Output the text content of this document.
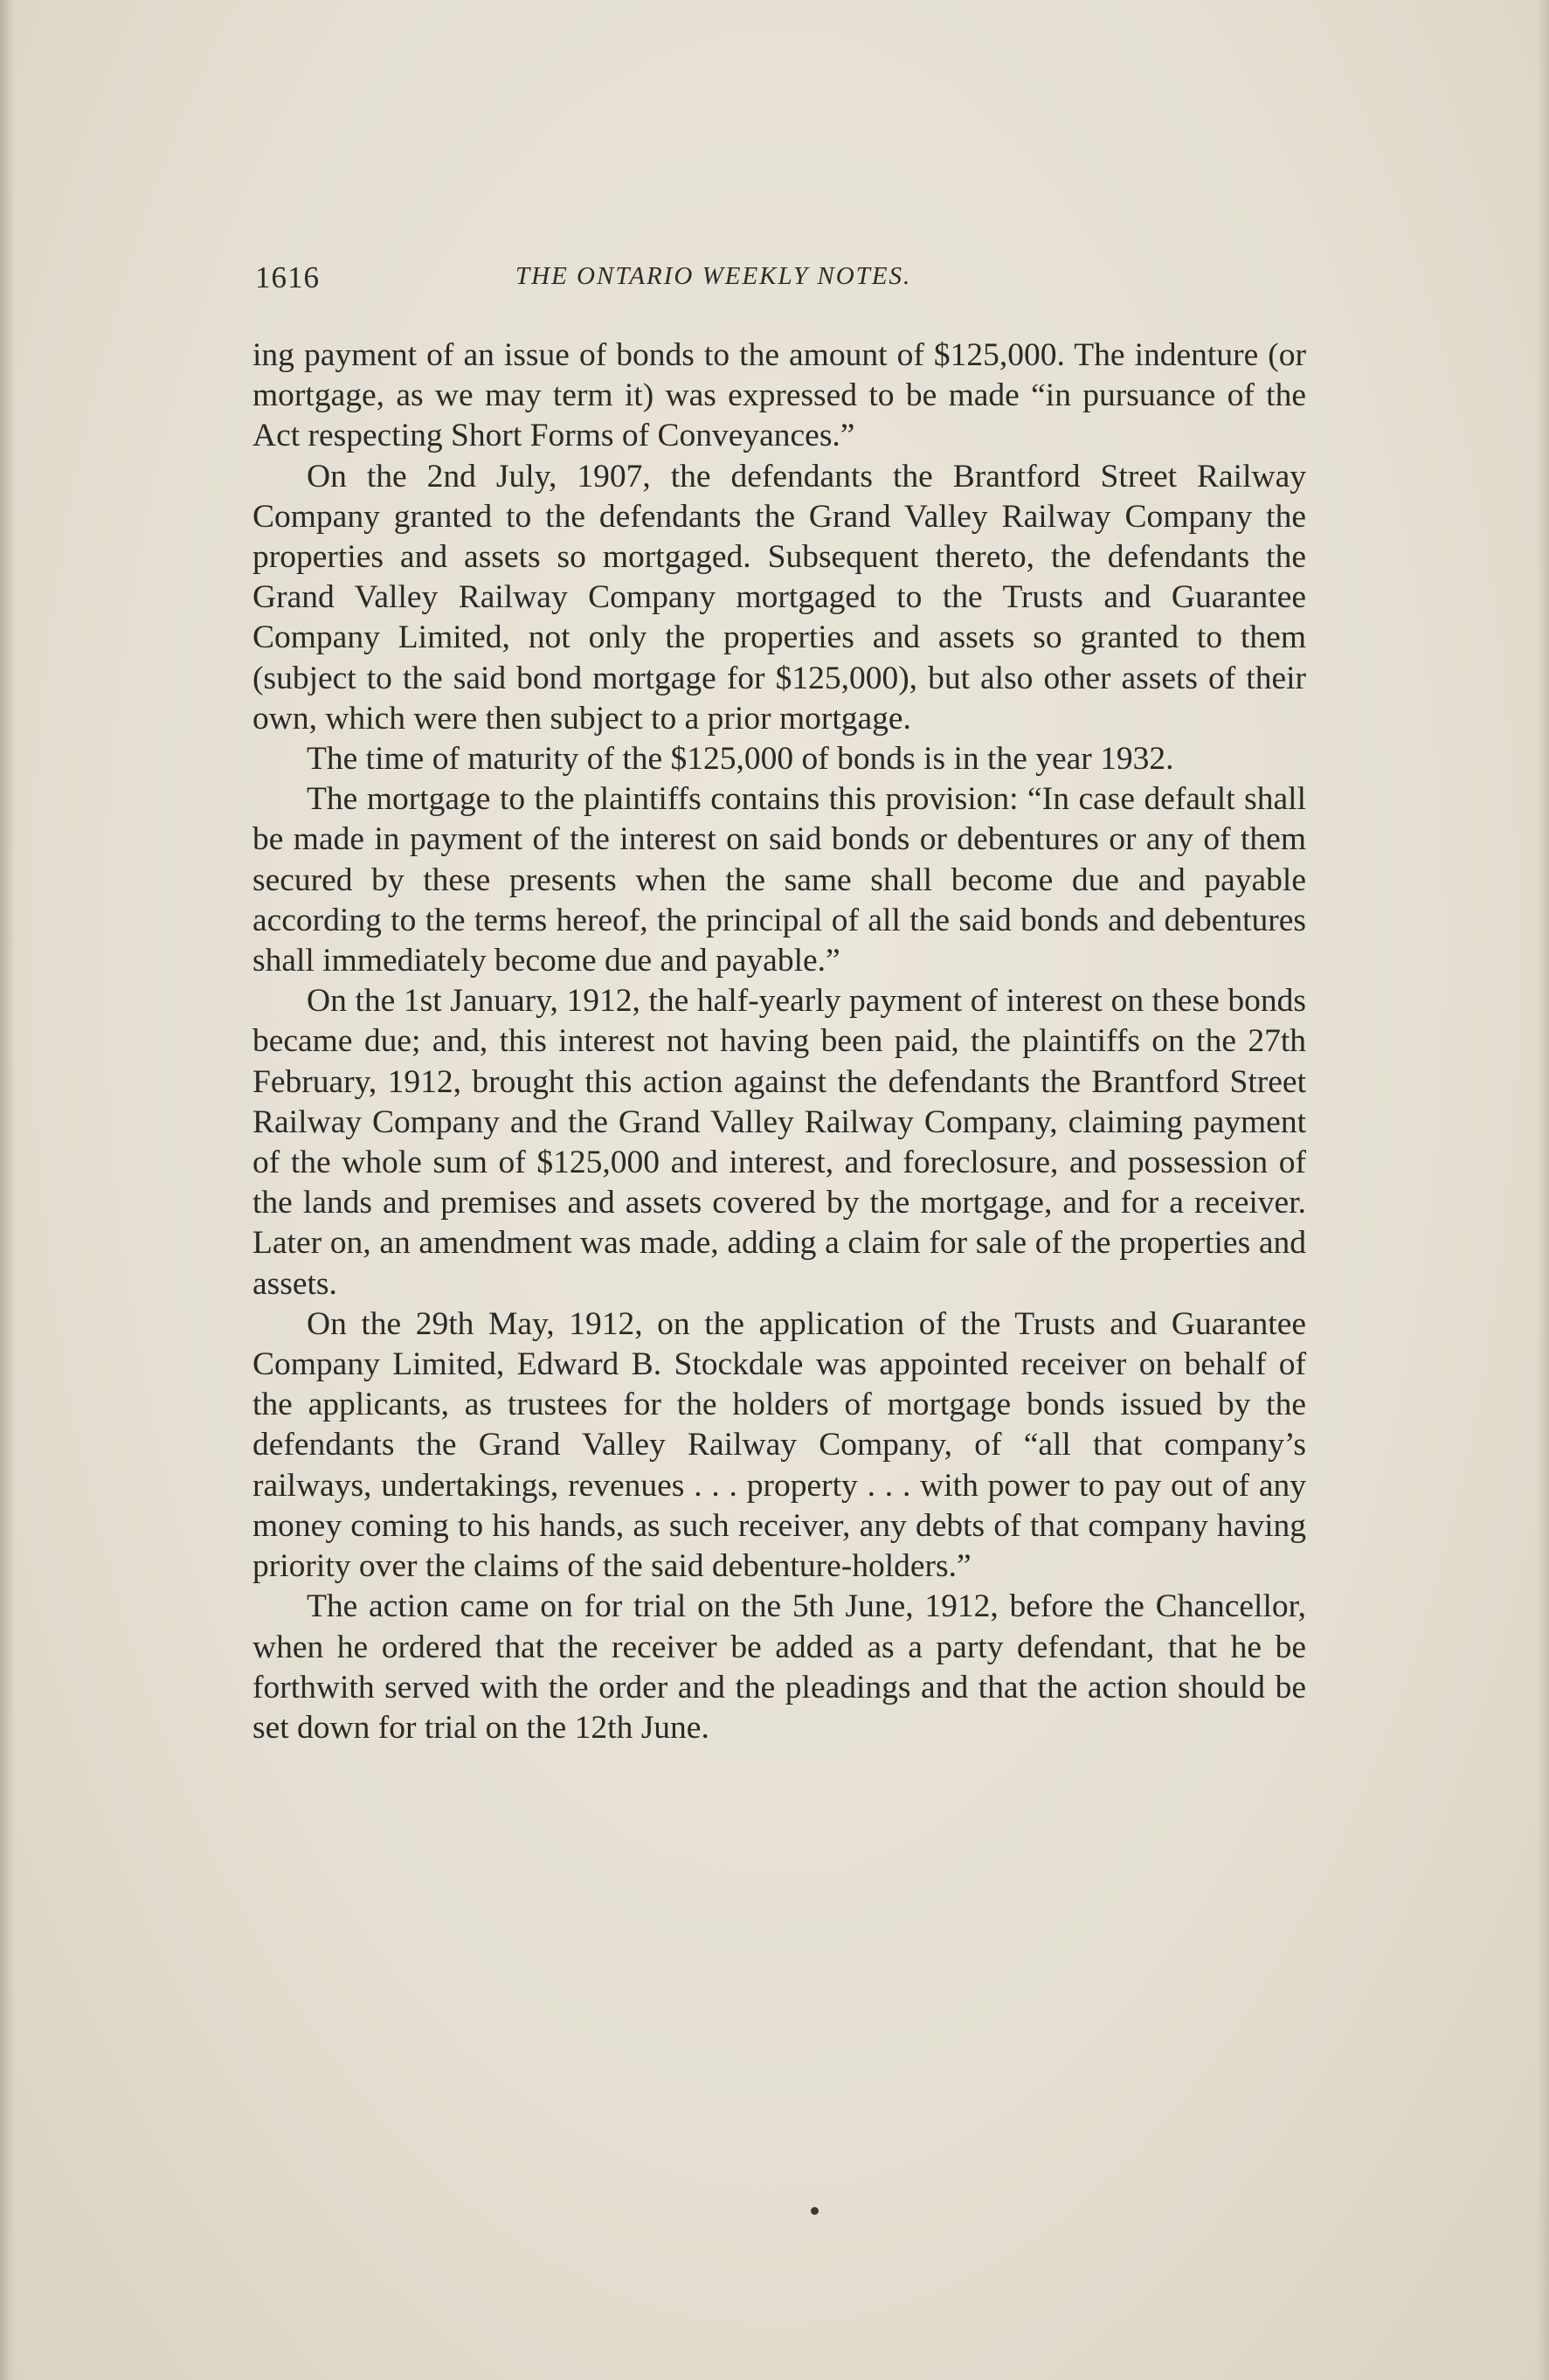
1616	THE ONTARIO WEEKLY NOTES.

ing payment of an issue of bonds to the amount of $125,000. The indenture (or mortgage, as we may term it) was expressed to be made “in pursuance of the Act respecting Short Forms of Conveyances.”

On the 2nd July, 1907, the defendants the Brantford Street Railway Company granted to the defendants the Grand Valley Railway Company the properties and assets so mortgaged. Subsequent thereto, the defendants the Grand Valley Railway Company mortgaged to the Trusts and Guarantee Company Limited, not only the properties and assets so granted to them (subject to the said bond mortgage for $125,000), but also other assets of their own, which were then subject to a prior mortgage.

The time of maturity of the $125,000 of bonds is in the year 1932.

The mortgage to the plaintiffs contains this provision: “In case default shall be made in payment of the interest on said bonds or debentures or any of them secured by these presents when the same shall become due and payable according to the terms hereof, the principal of all the said bonds and debentures shall immediately become due and payable.”

On the 1st January, 1912, the half-yearly payment of interest on these bonds became due; and, this interest not having been paid, the plaintiffs on the 27th February, 1912, brought this action against the defendants the Brantford Street Railway Company and the Grand Valley Railway Company, claiming payment of the whole sum of $125,000 and interest, and foreclosure, and possession of the lands and premises and assets covered by the mortgage, and for a receiver. Later on, an amendment was made, adding a claim for sale of the properties and assets.

On the 29th May, 1912, on the application of the Trusts and Guarantee Company Limited, Edward B. Stockdale was appointed receiver on behalf of the applicants, as trustees for the holders of mortgage bonds issued by the defendants the Grand Valley Railway Company, of “all that company’s railways, undertakings, revenues . . . property . . . with power to pay out of any money coming to his hands, as such receiver, any debts of that company having priority over the claims of the said debenture-holders.”

The action came on for trial on the 5th June, 1912, before the Chancellor, when he ordered that the receiver be added as a party defendant, that he be forthwith served with the order and the pleadings and that the action should be set down for trial on the 12th June.
